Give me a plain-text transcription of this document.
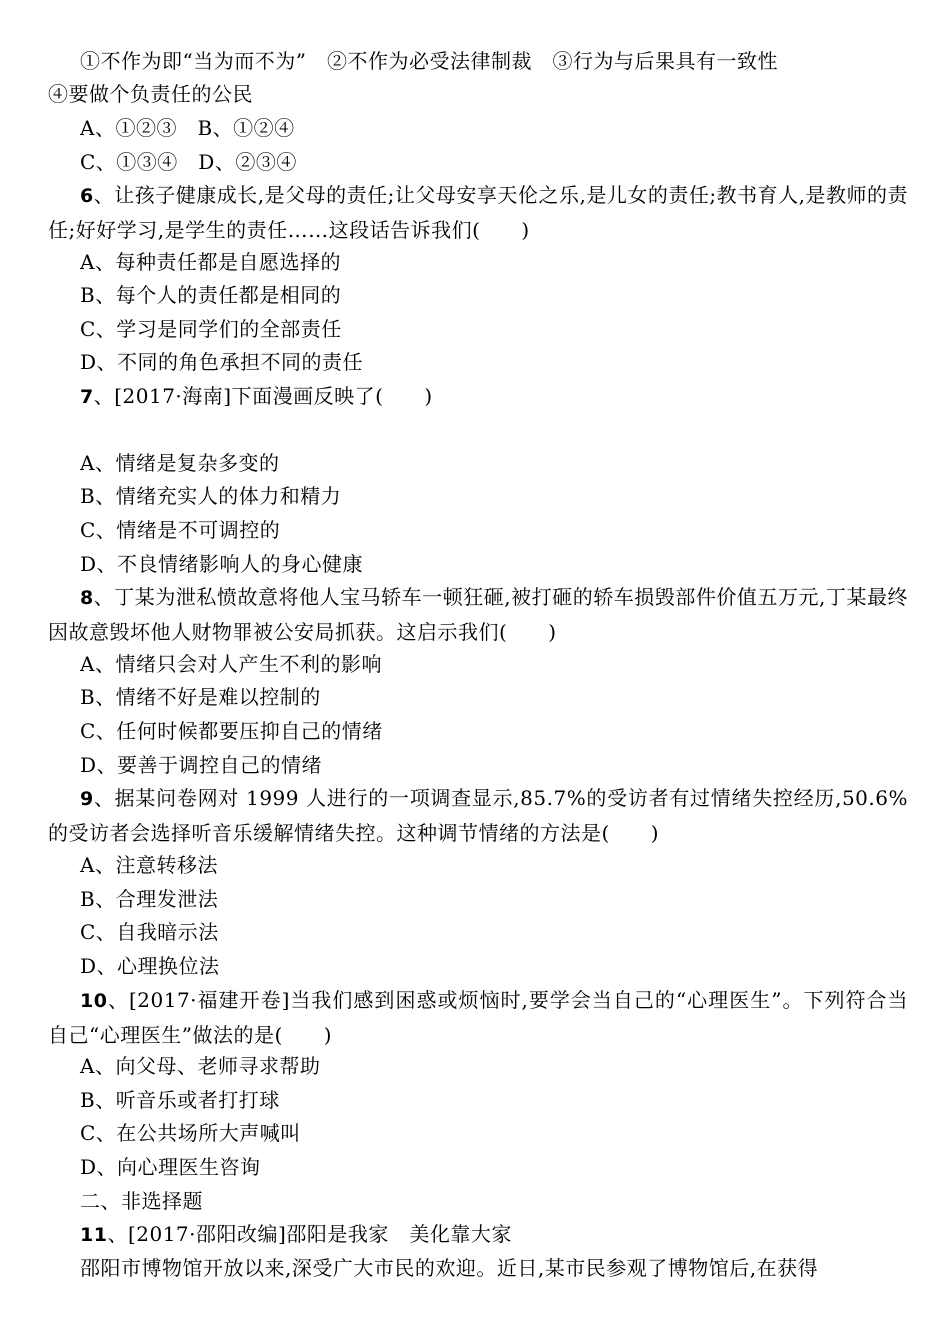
①不作为即“当为而不为”　②不作为必受法律制裁　③行为与后果具有一致性
④要做个负责任的公民
A、①②③　B、①②④
C、①③④　D、②③④
6、让孩子健康成长,是父母的责任;让父母安享天伦之乐,是儿女的责任;教书育人,是教师的责任;好好学习,是学生的责任……这段话告诉我们(　　)
A、每种责任都是自愿选择的
B、每个人的责任都是相同的
C、学习是同学们的全部责任
D、不同的角色承担不同的责任
7、[2017·海南]下面漫画反映了(　　)
A、情绪是复杂多变的
B、情绪充实人的体力和精力
C、情绪是不可调控的
D、不良情绪影响人的身心健康
8、丁某为泄私愤故意将他人宝马轿车一顿狂砸,被打砸的轿车损毁部件价值五万元,丁某最终因故意毁坏他人财物罪被公安局抓获。这启示我们(　　)
A、情绪只会对人产生不利的影响
B、情绪不好是难以控制的
C、任何时候都要压抑自己的情绪
D、要善于调控自己的情绪
9、据某问卷网对 1999 人进行的一项调查显示,85.7%的受访者有过情绪失控经历,50.6%的受访者会选择听音乐缓解情绪失控。这种调节情绪的方法是(　　)
A、注意转移法
B、合理发泄法
C、自我暗示法
D、心理换位法
10、[2017·福建开卷]当我们感到困惑或烦恼时,要学会当自己的“心理医生”。下列符合当自己“心理医生”做法的是(　　)
A、向父母、老师寻求帮助
B、听音乐或者打打球
C、在公共场所大声喊叫
D、向心理医生咨询
二、非选择题
11、[2017·邵阳改编]邵阳是我家　美化靠大家
邵阳市博物馆开放以来,深受广大市民的欢迎。近日,某市民参观了博物馆后,在获得
